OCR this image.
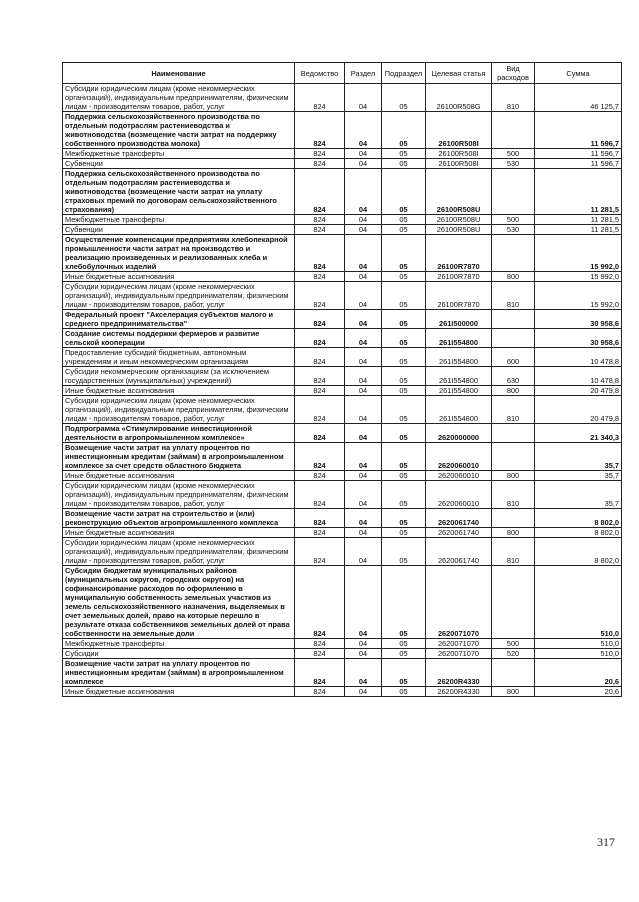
Наименование	Ведомство	Раздел	Подраздел	Целевая статья	Вид расходов	Сумма
Субсидии юридическим лицам (кроме некоммерческих организаций), индивидуальным предпринимателям, физическим лицам - производителям товаров, работ, услуг	824	04	05	26100R508G	810	46 125,7
Поддержка сельскохозяйственного производства по отдельным подотраслям растениеводства и животноводства (возмещение части затрат на поддержку собственного производства молока)	824	04	05	26100R508I		11 596,7
Межбюджетные трансферты	824	04	05	26100R508I	500	11 596,7
Субвенции	824	04	05	26100R508I	530	11 596,7
Поддержка сельскохозяйственного производства по отдельным подотраслям растениеводства и животноводства (возмещение части затрат на уплату страховых премий по договорам сельскохозяйственного страхования)	824	04	05	26100R508U		11 281,5
Межбюджетные трансферты	824	04	05	26100R508U	500	11 281,5
Субвенции	824	04	05	26100R508U	530	11 281,5
Осуществление компенсации предприятиям хлебопекарной промышленности части затрат на производство и реализацию произведенных и реализованных хлеба и хлебобулочных изделий	824	04	05	26100R7870		15 992,0
Иные бюджетные ассигнования	824	04	05	26100R7870	800	15 992,0
Субсидии юридическим лицам (кроме некоммерческих организаций), индивидуальным предпринимателям, физическим лицам - производителям товаров, работ, услуг	824	04	05	26100R7870	810	15 992,0
Федеральный проект "Акселерация субъектов малого и среднего предпринимательства"	824	04	05	261I500000		30 958,6
Создание системы поддержки фермеров и развитие сельской кооперации	824	04	05	261I554800		30 958,6
Предоставление субсидий бюджетным, автономным учреждениям и иным некоммерческим организациям	824	04	05	261I554800	600	10 478,8
Субсидии некоммерческим организациям (за исключением государственных (муниципальных) учреждений)	824	04	05	261I554800	630	10 478,8
Иные бюджетные ассигнования	824	04	05	261I554800	800	20 479,8
Субсидии юридическим лицам (кроме некоммерческих организаций), индивидуальным предпринимателям, физическим лицам - производителям товаров, работ, услуг	824	04	05	261I554800	810	20 479,8
Подпрограмма «Стимулирование инвестиционной деятельности в агропромышленном комплексе»	824	04	05	2620000000		21 340,3
Возмещение части затрат на уплату процентов по инвестиционным кредитам (займам) в агропромышленном комплексе за счет средств областного бюджета	824	04	05	2620060010		35,7
Иные бюджетные ассигнования	824	04	05	2620060010	800	35,7
Субсидии юридическим лицам (кроме некоммерческих организаций), индивидуальным предпринимателям, физическим лицам - производителям товаров, работ, услуг	824	04	05	2620060010	810	35,7
Возмещение части затрат на строительство и (или) реконструкцию объектов агропромышленного комплекса	824	04	05	2620061740		8 802,0
Иные бюджетные ассигнования	824	04	05	2620061740	800	8 802,0
Субсидии юридическим лицам (кроме некоммерческих организаций), индивидуальным предпринимателям, физическим лицам - производителям товаров, работ, услуг	824	04	05	2620061740	810	8 802,0
Субсидии бюджетам муниципальных районов (муниципальных округов, городских округов) на софинансирование расходов по оформлению в муниципальную собственность земельных участков из земель сельскохозяйственного назначения, выделяемых в счет земельных долей, право на которые перешло в результате отказа собственников земельных долей от права собственности на земельные доли	824	04	05	2620071070		510,0
Межбюджетные трансферты	824	04	05	2620071070	500	510,0
Субсидии	824	04	05	2620071070	520	510,0
Возмещение части затрат на уплату процентов по инвестиционным кредитам (займам) в агропромышленном комплексе	824	04	05	26200R4330		20,6
Иные бюджетные ассигнования	824	04	05	26200R4330	800	20,6
317
